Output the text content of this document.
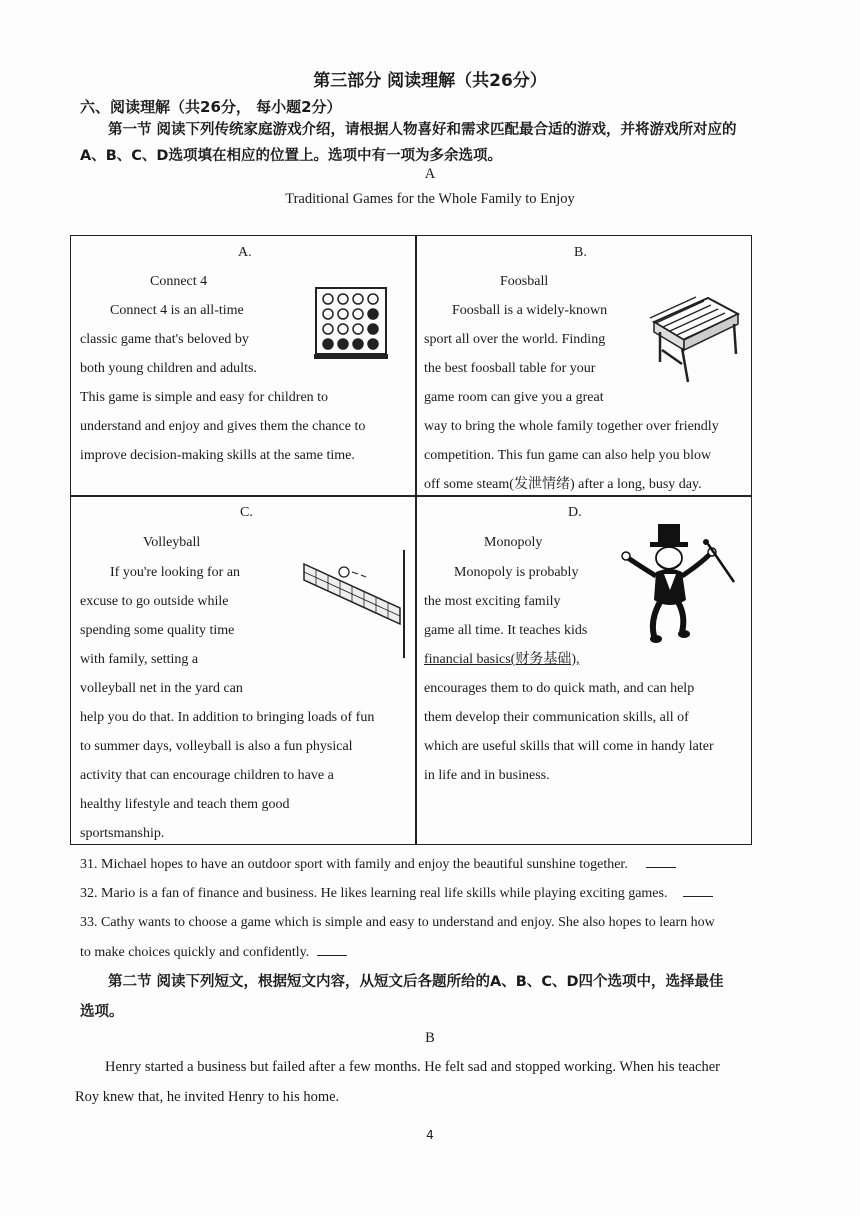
第三部分 阅读理解（共26分）
六、阅读理解（共26分， 每小题2分）
第一节 阅读下列传统家庭游戏介绍，请根据人物喜好和需求匹配最合适的游戏，并将游戏所对应的
A、B、C、D选项填在相应的位置上。选项中有一项为多余选项。
A
Traditional Games for the Whole Family to Enjoy
A.
Connect 4
Connect 4 is an all-time
classic game that's beloved by
both young children and adults.
This game is simple and easy for children to
understand and enjoy and gives them the chance to
improve decision-making skills at the same time.
B.
Foosball
Foosball is a widely-known
sport all over the world. Finding
the best foosball table for your
game room can give you a great
way to bring the whole family together over friendly
competition. This fun game can also help you blow
off some steam(发泄情绪) after a long, busy day.
C.
Volleyball
If you're looking for an
excuse to go outside while
spending some quality time
with family, setting a
volleyball net in the yard can
help you do that. In addition to bringing loads of fun
to summer days, volleyball is also a fun physical
activity that can encourage children to have a
healthy lifestyle and teach them good
sportsmanship.
D.
Monopoly
Monopoly is probably
the most exciting family
game all time. It teaches kids
financial basics(财务基础),
encourages them to do quick math, and can help
them develop their communication skills, all of
which are useful skills that will come in handy later
in life and in business.
31. Michael hopes to have an outdoor sport with family and enjoy the beautiful sunshine together.
32. Mario is a fan of finance and business. He likes learning real life skills while playing exciting games.
33. Cathy wants to choose a game which is simple and easy to understand and enjoy. She also hopes to learn how
to make choices quickly and confidently.
第二节 阅读下列短文，根据短文内容，从短文后各题所给的A、B、C、D四个选项中，选择最佳
选项。
B
Henry started a business but failed after a few months. He felt sad and stopped working. When his teacher
Roy knew that, he invited Henry to his home.
4
